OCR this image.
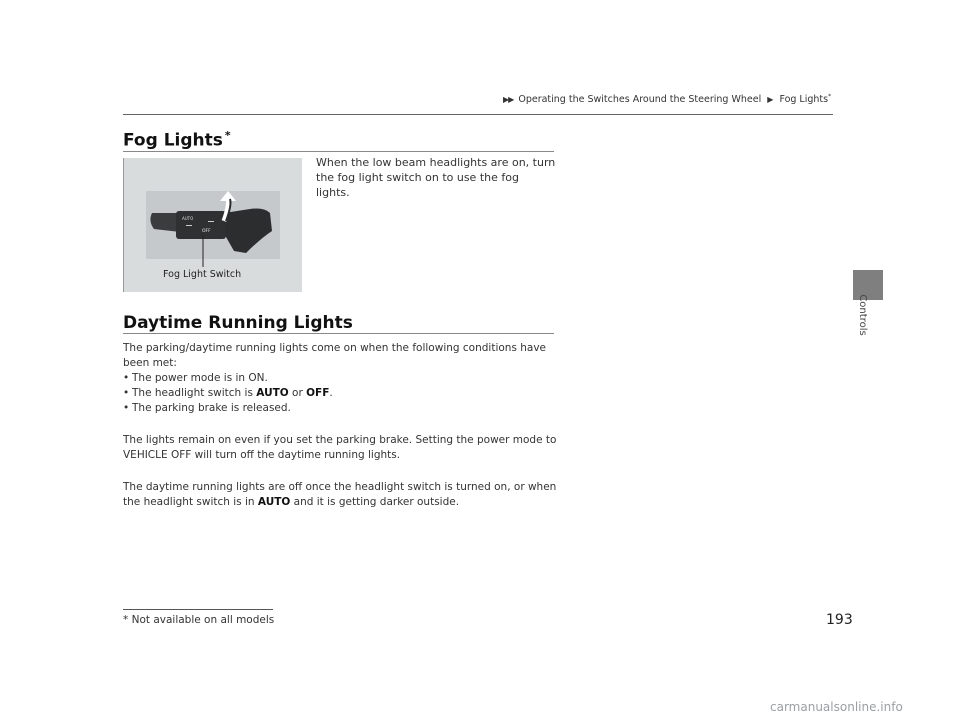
▶▶ Operating the Switches Around the Steering Wheel ▶ Fog Lights*
Controls
Fog Lights *
AUTO
OFF
Fog Light Switch
When the low beam headlights are on, turn the fog light switch on to use the fog lights.
Daytime Running Lights

The parking/daytime running lights come on when the following conditions have been met:

• The power mode is in ON.

• The headlight switch is AUTO or OFF.

• The parking brake is released.

The lights remain on even if you set the parking brake. Setting the power mode to VEHICLE OFF will turn off the daytime running lights.
The daytime running lights are off once the headlight switch is turned on, or when the headlight switch is in AUTO and it is getting darker outside.
* Not available on all models	193
carmanualsonline.info
